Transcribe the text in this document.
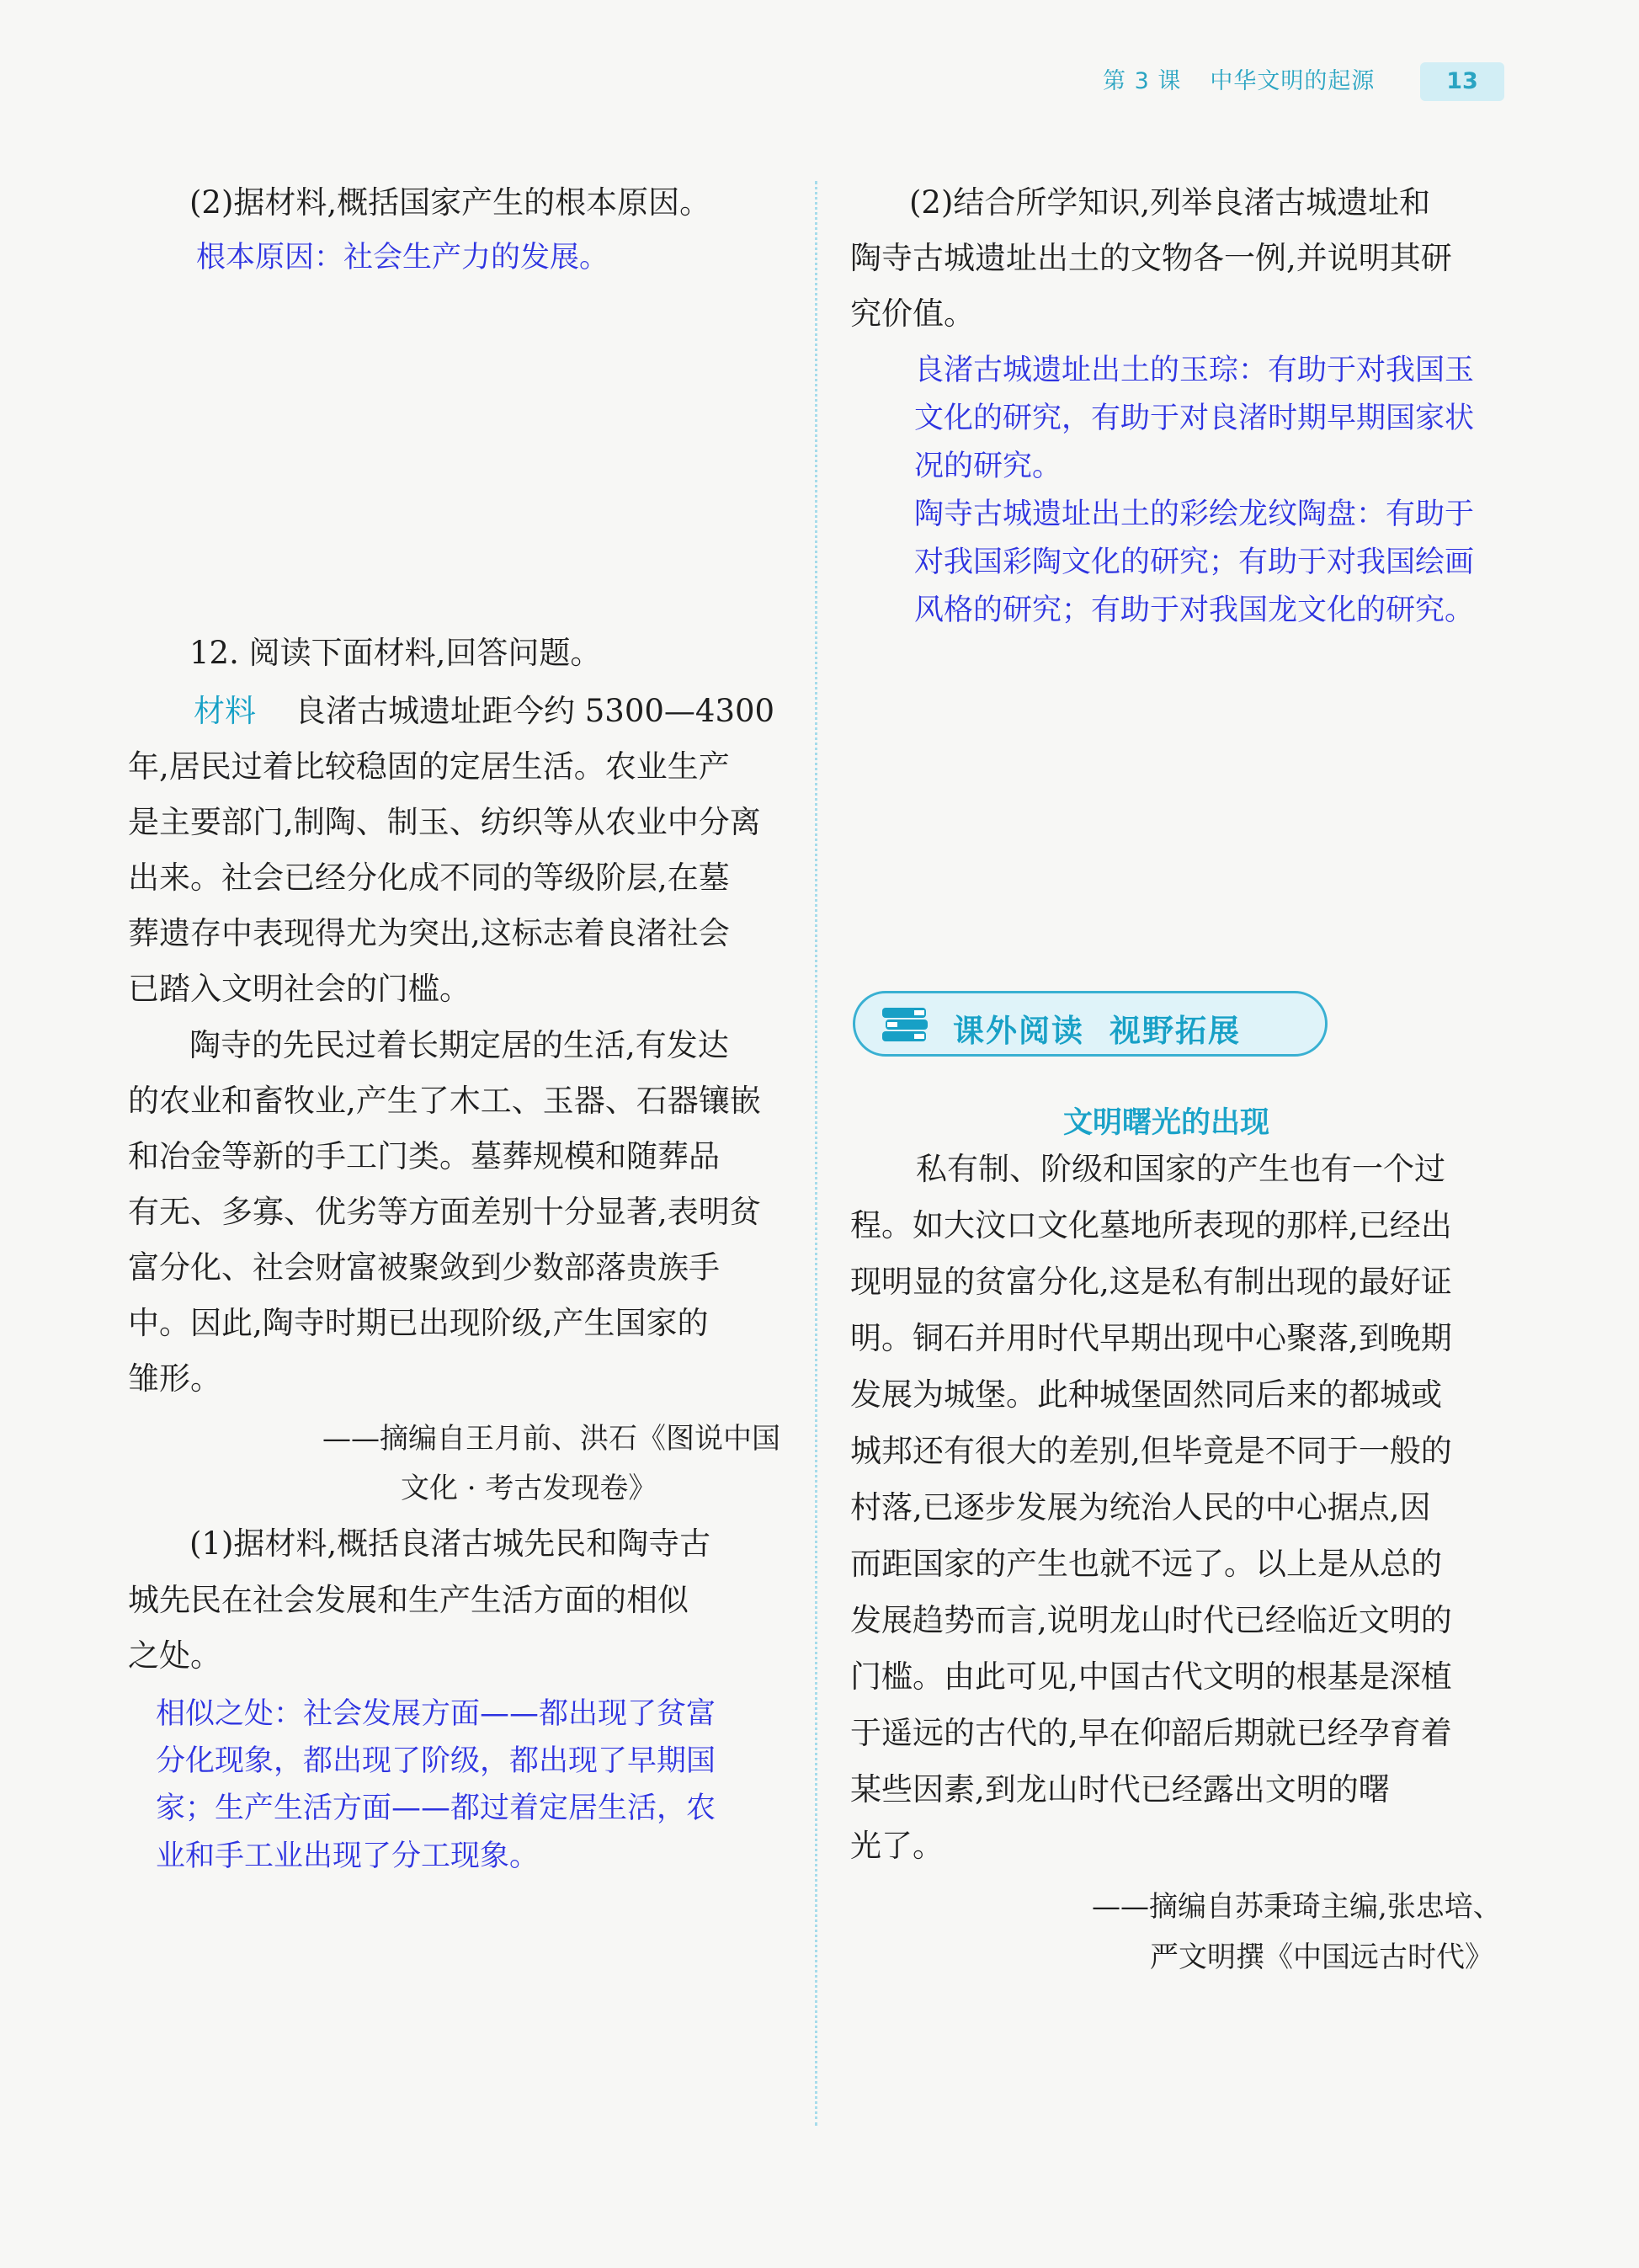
第 3 课 中华文明的起源	13
(2)据材料,概括国家产生的根本原因。
根本原因：社会生产力的发展。
12. 阅读下面材料,回答问题。
材料 良渚古城遗址距今约 5300—4300
年,居民过着比较稳固的定居生活。农业生产
是主要部门,制陶、制玉、纺织等从农业中分离
出来。社会已经分化成不同的等级阶层,在墓
葬遗存中表现得尤为突出,这标志着良渚社会
已踏入文明社会的门槛。
陶寺的先民过着长期定居的生活,有发达
的农业和畜牧业,产生了木工、玉器、石器镶嵌
和冶金等新的手工门类。墓葬规模和随葬品
有无、多寡、优劣等方面差别十分显著,表明贫
富分化、社会财富被聚敛到少数部落贵族手
中。因此,陶寺时期已出现阶级,产生国家的
雏形。
——摘编自王月前、洪石《图说中国
文化 · 考古发现卷》
(1)据材料,概括良渚古城先民和陶寺古
城先民在社会发展和生产生活方面的相似
之处。
相似之处：社会发展方面——都出现了贫富
分化现象，都出现了阶级，都出现了早期国
家；生产生活方面——都过着定居生活，农
业和手工业出现了分工现象。
(2)结合所学知识,列举良渚古城遗址和
陶寺古城遗址出土的文物各一例,并说明其研
究价值。
良渚古城遗址出土的玉琮：有助于对我国玉
文化的研究，有助于对良渚时期早期国家状
况的研究。
陶寺古城遗址出土的彩绘龙纹陶盘：有助于
对我国彩陶文化的研究；有助于对我国绘画
风格的研究；有助于对我国龙文化的研究。
课外阅读 视野拓展
文明曙光的出现
私有制、阶级和国家的产生也有一个过
程。如大汶口文化墓地所表现的那样,已经出
现明显的贫富分化,这是私有制出现的最好证
明。铜石并用时代早期出现中心聚落,到晚期
发展为城堡。此种城堡固然同后来的都城或
城邦还有很大的差别,但毕竟是不同于一般的
村落,已逐步发展为统治人民的中心据点,因
而距国家的产生也就不远了。以上是从总的
发展趋势而言,说明龙山时代已经临近文明的
门槛。由此可见,中国古代文明的根基是深植
于遥远的古代的,早在仰韶后期就已经孕育着
某些因素,到龙山时代已经露出文明的曙
光了。
——摘编自苏秉琦主编,张忠培、
严文明撰《中国远古时代》
